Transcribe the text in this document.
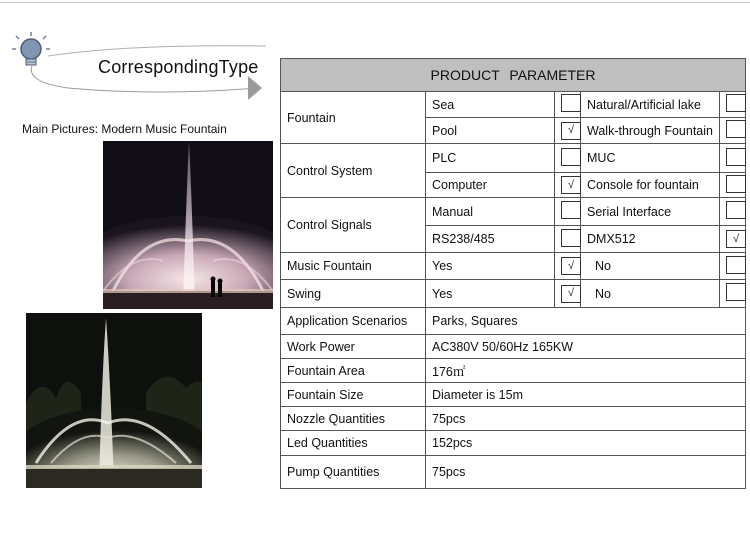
CorrespondingType
Main Pictures: Modern Music Fountain
PRODUCT PARAMETER				
Fountain	Sea		Natural/Artificial lake	
	Pool	√	Walk-through Fountain	
Control System	PLC		MUC	
	Computer	√	Console for fountain	
Control Signals	Manual		Serial Interface	
	RS238/485		DMX512	√
Music Fountain	Yes	√	No	
Swing	Yes	√	No	
Application Scenarios	Parks, Squares			
Work Power	AC380V 50/60Hz 165KW			
Fountain Area	176㎡			
Fountain Size	Diameter is 15m			
Nozzle Quantities	75pcs			
Led Quantities	152pcs			
Pump Quantities	75pcs			
